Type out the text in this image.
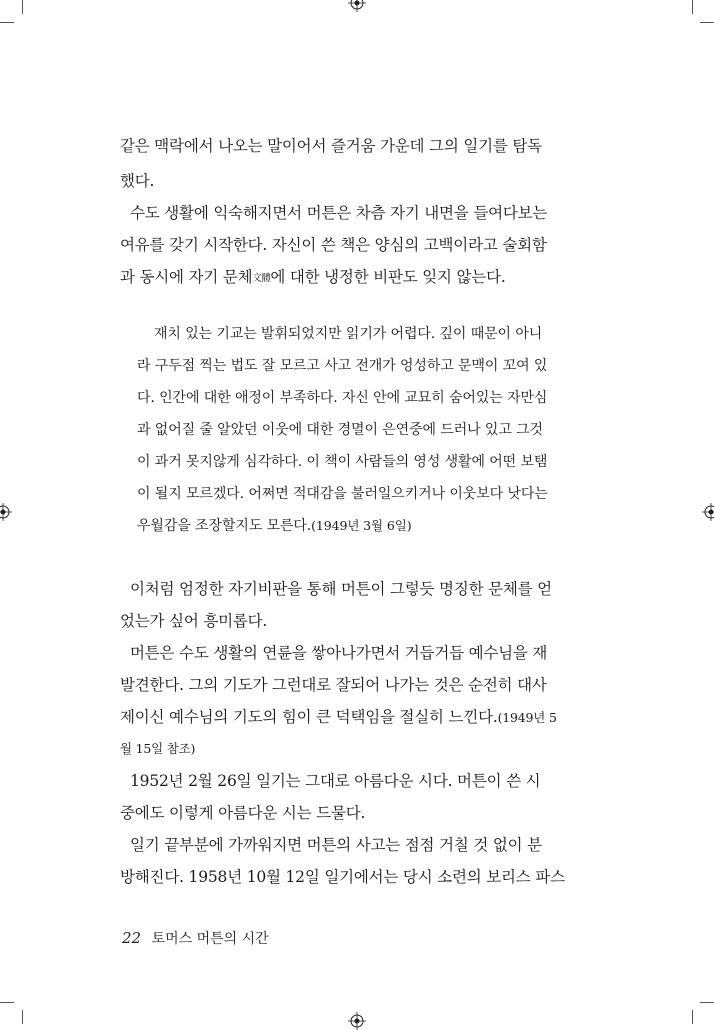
같은 맥락에서 나오는 말이어서 즐거움 가운데 그의 일기를 탐독
했다.
수도 생활에 익숙해지면서 머튼은 차츰 자기 내면을 들여다보는
여유를 갖기 시작한다. 자신이 쓴 책은 양심의 고백이라고 술회함
과 동시에 자기 문체文體에 대한 냉정한 비판도 잊지 않는다.
재치 있는 기교는 발휘되었지만 읽기가 어렵다. 깊이 때문이 아니
라 구두점 찍는 법도 잘 모르고 사고 전개가 엉성하고 문맥이 꼬여 있
다. 인간에 대한 애정이 부족하다. 자신 안에 교묘히 숨어있는 자만심
과 없어질 줄 알았던 이웃에 대한 경멸이 은연중에 드러나 있고 그것
이 과거 못지않게 심각하다. 이 책이 사람들의 영성 생활에 어떤 보탬
이 될지 모르겠다. 어쩌면 적대감을 불러일으키거나 이웃보다 낫다는
우월감을 조장할지도 모른다.(1949년 3월 6일)
이처럼 엄정한 자기비판을 통해 머튼이 그렇듯 명징한 문체를 얻
었는가 싶어 흥미롭다.
머튼은 수도 생활의 연륜을 쌓아나가면서 거듭거듭 예수님을 재
발견한다. 그의 기도가 그런대로 잘되어 나가는 것은 순전히 대사
제이신 예수님의 기도의 힘이 큰 덕택임을 절실히 느낀다.(1949년 5
월 15일 참조)
1952년 2월 26일 일기는 그대로 아름다운 시다. 머튼이 쓴 시
중에도 이렇게 아름다운 시는 드물다.
일기 끝부분에 가까워지면 머튼의 사고는 점점 거칠 것 없이 분
방해진다. 1958년 10월 12일 일기에서는 당시 소련의 보리스 파스
22 토머스 머튼의 시간
